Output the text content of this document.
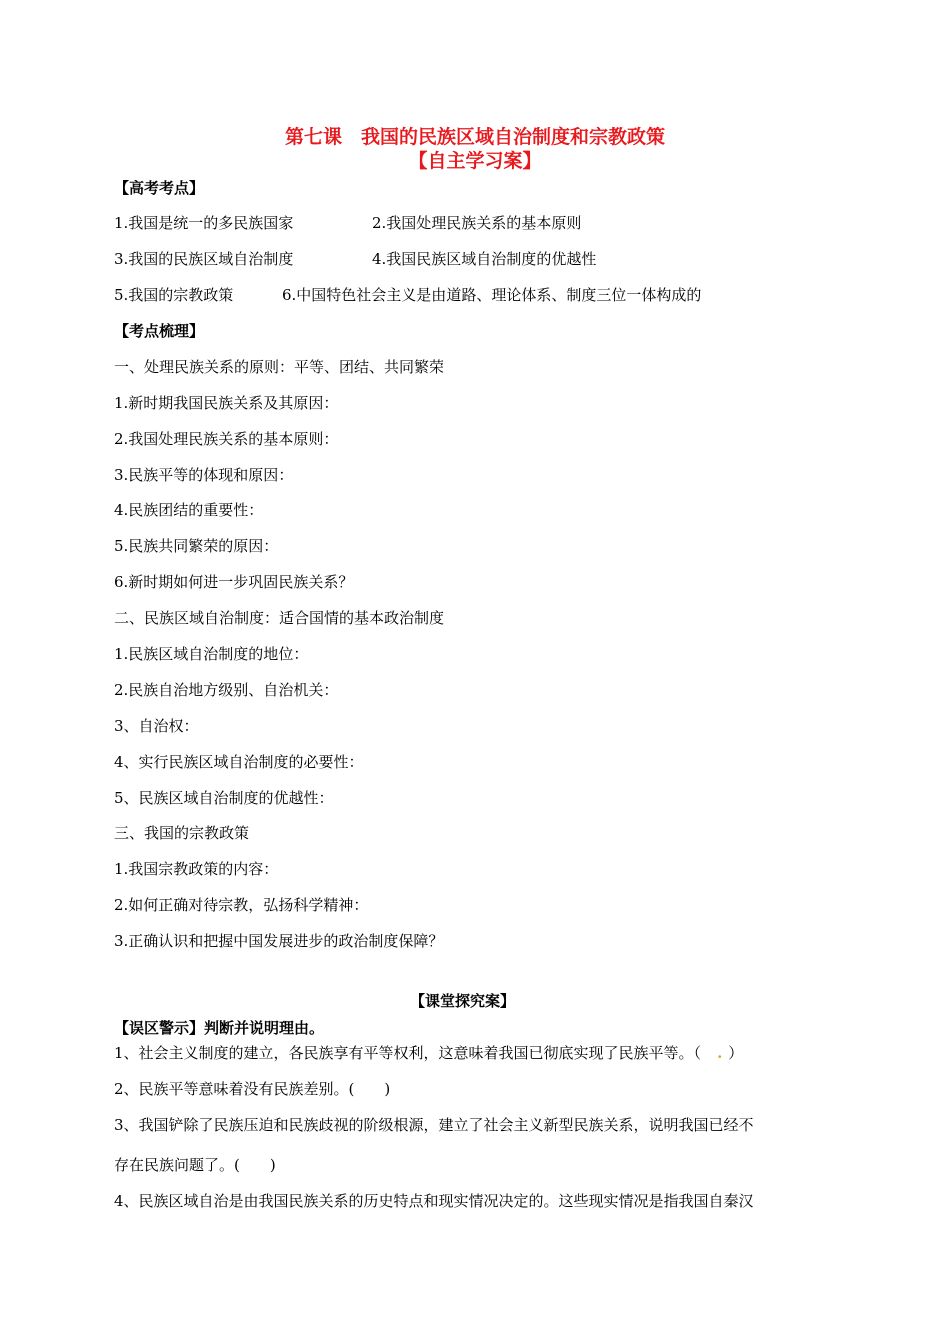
第七课　我国的民族区域自治制度和宗教政策
【自主学习案】
【高考考点】
1.我国是统一的多民族国家	2.我国处理民族关系的基本原则
3.我国的民族区域自治制度	4.我国民族区域自治制度的优越性
5.我国的宗教政策	6.中国特色社会主义是由道路、理论体系、制度三位一体构成的
【考点梳理】
一、处理民族关系的原则：平等、团结、共同繁荣
1.新时期我国民族关系及其原因：
2.我国处理民族关系的基本原则：
3.民族平等的体现和原因：
4.民族团结的重要性：
5.民族共同繁荣的原因：
6.新时期如何进一步巩固民族关系？
二、民族区域自治制度：适合国情的基本政治制度
1.民族区域自治制度的地位：
2.民族自治地方级别、自治机关：
3、自治权：
4、实行民族区域自治制度的必要性：
5、民族区域自治制度的优越性：
三、我国的宗教政策
1.我国宗教政策的内容：
2.如何正确对待宗教，弘扬科学精神：
3.正确认识和把握中国发展进步的政治制度保障？
【课堂探究案】
【误区警示】判断并说明理由。
1、社会主义制度的建立，各民族享有平等权利，这意味着我国已彻底实现了民族平等。（ . ）
2、民族平等意味着没有民族差别。(　　)
3、我国铲除了民族压迫和民族歧视的阶级根源，建立了社会主义新型民族关系，说明我国已经不
存在民族问题了。(　　)
4、民族区域自治是由我国民族关系的历史特点和现实情况决定的。这些现实情况是指我国自秦汉
